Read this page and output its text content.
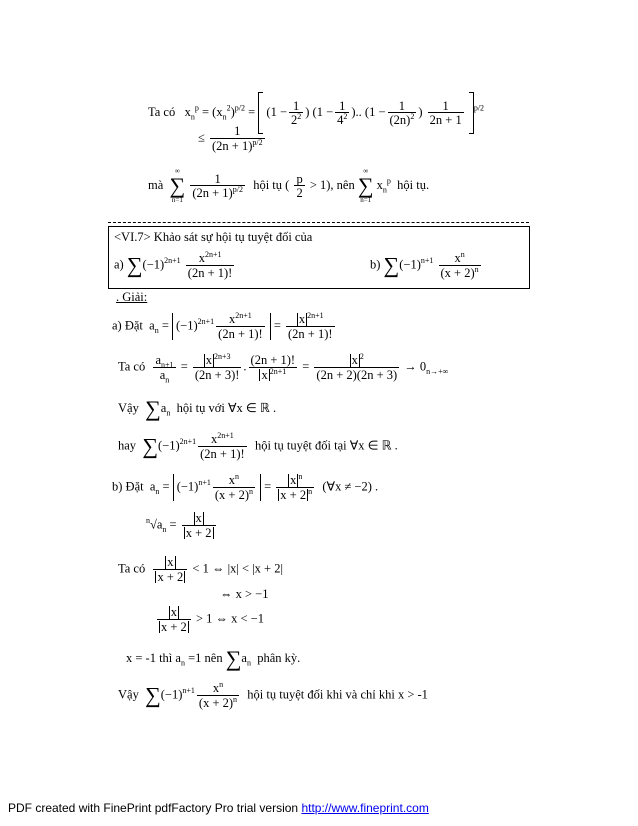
Ta có   $x_n^p = (x_n^2)^{p/2} = (1 - \frac{1}{2^2}$ ) ($1 - \frac{1}{4^2}$ ).. ($1 - \frac{1}{(2n)^2}$ ) $\frac{1}{2n + 1} ^{p/2}$
≤ $\frac{1}{(2n + 1)^{p/2}}$
mà
∞
∑
n=1

$\frac{1}{(2n + 1)^{p/2}}$ hội tụ ( $\frac{p}{2} > 1$), nên
∞
∑
n=1
$x_n^p$ hội tụ.
<VI.7> Khảo sát sự hội tụ tuyệt đối của
a) $\sum(-1)^{2n+1} \frac{x^{2n+1}}{(2n + 1)!}$	b) $\sum(-1)^{n+1} \frac{x^n}{(x + 2)^n}$
. Giải:
a) Đặt  $a_n = (-1)^{2n+1} \frac{x^{2n+1}}{(2n + 1)!} = \frac{x ^{2n+1}}{(2n + 1)!}$
Ta có $\frac{a_{n+1}}{a_n} = \frac{x ^{2n+3}}{(2n + 3)!}$ . $\frac{(2n + 1)!}{x ^{2n+1}} = \frac{x ^2}{(2n + 2)(2n + 3)} \to 0_{n\to+\infty}$
Vậy $\sum a_n$ hội tụ với ∀x ∈ ℝ .
hay $\sum(-1)^{2n+1} \frac{x^{2n+1}}{(2n + 1)!}$ hội tụ tuyệt đối tại ∀x ∈ ℝ .
b) Đặt  $a_n = (-1)^{n+1} \frac{x^n}{(x + 2)^n} = \frac{x ^n}{x + 2 ^n}$ (∀x ≠ −2) .
$^n√a_n = \frac{x}{x + 2}$
Ta có $\frac{x}{x + 2} < 1$ ⇔ |x| < |x + 2|
⇔ x > −1
$\frac{x}{x + 2} > 1$ ⇔ x < −1
x = -1 thì $a_n =1$ nên $\sum a_n$ phân kỳ.
Vậy $\sum(-1)^{n+1} \frac{x^n}{(x + 2)^n}$ hội tụ tuyệt đối khi và chỉ khi x > -1
PDF created with FinePrint pdfFactory Pro trial version http://www.fineprint.com
